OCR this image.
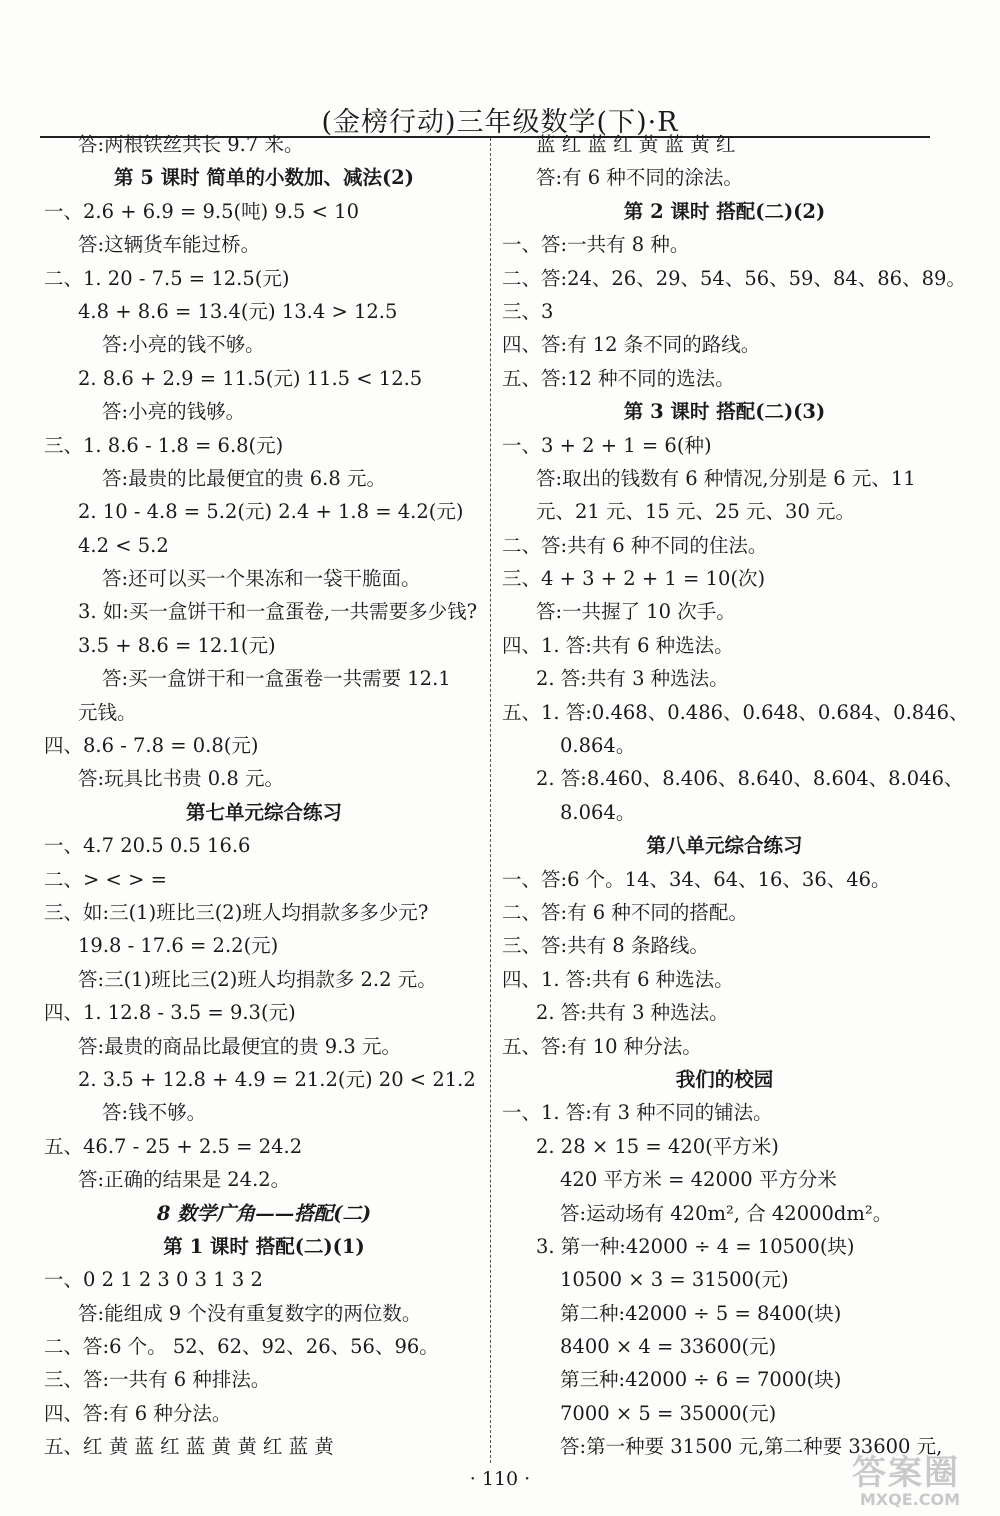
(金榜行动)三年级数学(下)·R
答:两根铁丝共长 9.7 米。
第 5 课时 简单的小数加、减法(2)
一、2.6 + 6.9 = 9.5(吨) 9.5 < 10
答:这辆货车能过桥。
二、1. 20 - 7.5 = 12.5(元)
4.8 + 8.6 = 13.4(元) 13.4 > 12.5
答:小亮的钱不够。
2. 8.6 + 2.9 = 11.5(元) 11.5 < 12.5
答:小亮的钱够。
三、1. 8.6 - 1.8 = 6.8(元)
答:最贵的比最便宜的贵 6.8 元。
2. 10 - 4.8 = 5.2(元) 2.4 + 1.8 = 4.2(元)
4.2 < 5.2
答:还可以买一个果冻和一袋干脆面。
3. 如:买一盒饼干和一盒蛋卷,一共需要多少钱?
3.5 + 8.6 = 12.1(元)
答:买一盒饼干和一盒蛋卷一共需要 12.1
元钱。
四、8.6 - 7.8 = 0.8(元)
答:玩具比书贵 0.8 元。
第七单元综合练习
一、4.7 20.5 0.5 16.6
二、> < > =
三、如:三(1)班比三(2)班人均捐款多多少元?
19.8 - 17.6 = 2.2(元)
答:三(1)班比三(2)班人均捐款多 2.2 元。
四、1. 12.8 - 3.5 = 9.3(元)
答:最贵的商品比最便宜的贵 9.3 元。
2. 3.5 + 12.8 + 4.9 = 21.2(元) 20 < 21.2
答:钱不够。
五、46.7 - 25 + 2.5 = 24.2
答:正确的结果是 24.2。
8 数学广角——搭配(二)
第 1 课时 搭配(二)(1)
一、0 2 1 2 3 0 3 1 3 2
答:能组成 9 个没有重复数字的两位数。
二、答:6 个。 52、62、92、26、56、96。
三、答:一共有 6 种排法。
四、答:有 6 种分法。
五、红 黄 蓝 红 蓝 黄 黄 红 蓝 黄
蓝 红 蓝 红 黄 蓝 黄 红
答:有 6 种不同的涂法。
第 2 课时 搭配(二)(2)
一、答:一共有 8 种。
二、答:24、26、29、54、56、59、84、86、89。
三、3
四、答:有 12 条不同的路线。
五、答:12 种不同的选法。
第 3 课时 搭配(二)(3)
一、3 + 2 + 1 = 6(种)
答:取出的钱数有 6 种情况,分别是 6 元、11
元、21 元、15 元、25 元、30 元。
二、答:共有 6 种不同的住法。
三、4 + 3 + 2 + 1 = 10(次)
答:一共握了 10 次手。
四、1. 答:共有 6 种选法。
2. 答:共有 3 种选法。
五、1. 答:0.468、0.486、0.648、0.684、0.846、
0.864。
2. 答:8.460、8.406、8.640、8.604、8.046、
8.064。
第八单元综合练习
一、答:6 个。14、34、64、16、36、46。
二、答:有 6 种不同的搭配。
三、答:共有 8 条路线。
四、1. 答:共有 6 种选法。
2. 答:共有 3 种选法。
五、答:有 10 种分法。
我们的校园
一、1. 答:有 3 种不同的铺法。
2. 28 × 15 = 420(平方米)
420 平方米 = 42000 平方分米
答:运动场有 420m², 合 42000dm²。
3. 第一种:42000 ÷ 4 = 10500(块)
10500 × 3 = 31500(元)
第二种:42000 ÷ 5 = 8400(块)
8400 × 4 = 33600(元)
第三种:42000 ÷ 6 = 7000(块)
7000 × 5 = 35000(元)
答:第一种要 31500 元,第二种要 33600 元,
· 110 ·	答案圈
MXQE.COM
